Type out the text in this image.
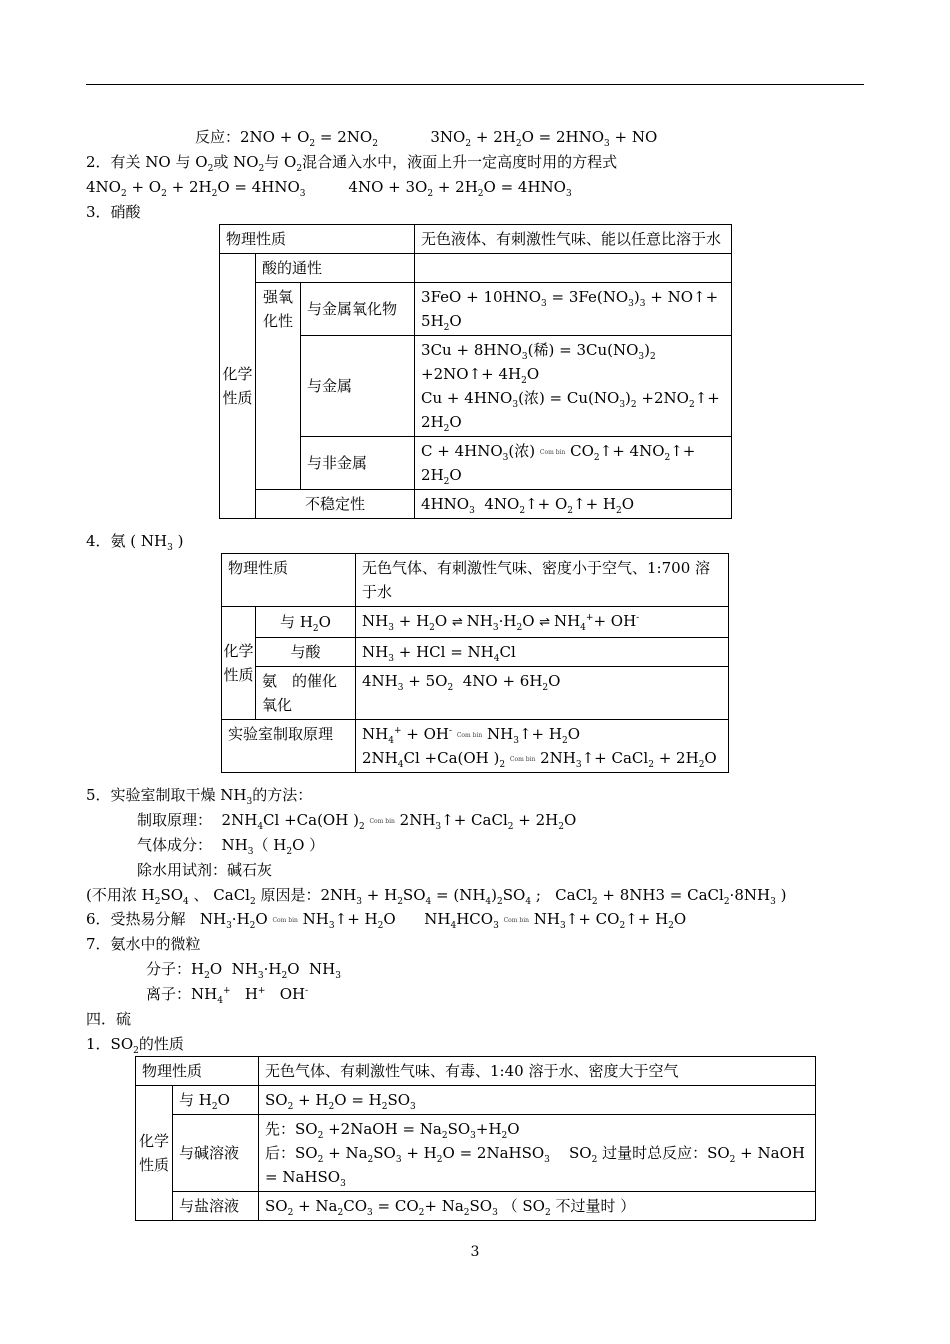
反应：$2NO + O_2 = 2NO_2$           $3NO_2 + 2H_2O = 2HNO_3$ + NO
2．有关 NO 与 $O_2$或 $NO_2$与 $O_2$混合通入水中，液面上升一定高度时用的方程式
$4NO_2 + O_2 + 2H_2O = 4HNO_3$         $4NO + 3O_2 + 2H_2O = 4HNO_3$
3．硝酸
物理性质			无色液体、有刺激性气味、能以任意比溶于水
化学性质	酸的通性		
	强氧化性	与金属氧化物	$3FeO + 10HNO_3 = 3Fe(NO_3)_3$ + NO↑+ $5H_2O$
		与金属	$3Cu + 8HNO_3$(稀) = $3Cu(NO_3)_2$ +2NO↑+ $4H_2O$
$Cu + 4HNO_3$(浓) = $Cu(NO_3)_2$ $+2NO_2↑+ 2H_2O$
		与非金属	$C + 4HNO_3$(浓) Com bin $CO_2↑+$ $4NO_2↑+ 2H_2O$
	不稳定性		$4HNO_3$  $4NO_2↑+$ $O_2↑+ H_2O$
4．氨 ( $NH_3$ )
物理性质		无色气体、有刺激性气味、密度小于空气、1:700 溶于水
化学性质	与 $H_2O$	$NH_3 + H_2O$ ⇌ $NH_3\cdot H_2O$ ⇌ $NH_4^++ OH^-$
	与酸	$NH_3$ + HCl = $NH_4Cl$
	氨　的催化氧化	$4NH_3 + 5O_2$  $4NO + 6H_2O$
实验室制取原理		$NH_4^+ + OH^-$ Com bin $NH_3↑+ H_2O$
$2NH_4Cl +Ca(OH$ )$_2$ Com bin $2NH_3↑+$ CaCl$_2$ + $2H_2O$
5．实验室制取干燥 $NH_3$的方法：
制取原理：  $2NH_4Cl +Ca(OH$ )$_2$ Com bin $2NH_3↑+$ CaCl$_2$ + $2H_2O$
气体成分：  $NH_3$（ $H_2O$ ）
除水用试剂：碱石灰
(不用浓 $H_2SO_4$ 、 CaCl$_2$ 原因是：$2NH_3 + H_2SO_4 = (NH_4)_2SO_4$ ;   CaCl$_2$ + $8NH3 = CaCl_2\cdot 8NH_3$ )
6．受热易分解   $NH_3\cdot H_2O$ Com bin $NH_3↑+ H_2O$      $NH_4HCO_3$ Com bin $NH_3↑+$ $CO_2↑+ H_2O$
7．氨水中的微粒
分子：$H_2O$  $NH_3\cdot H_2O$  $NH_3$
离子：$NH_4^+$   H+   OH-
四．硫
1．$SO_2$的性质
物理性质		无色气体、有刺激性气味、有毒、1:40 溶于水、密度大于空气
化学性质	与 $H_2O$	$SO_2 + H_2O = H_2SO_3$
	与碱溶液	先：$SO_2$ +2NaOH = $Na_2SO_3+H_2O$
后：$SO_2 + Na_2SO_3 + H_2O$ = 2NaHSO$_3$    $SO_2$ 过量时总反应：$SO_2$ + NaOH = NaHSO$_3$
	与盐溶液	$SO_2 + Na_2CO_3 = CO_2+ Na_2SO_3$ （ $SO_2$ 不过量时 ）
3
